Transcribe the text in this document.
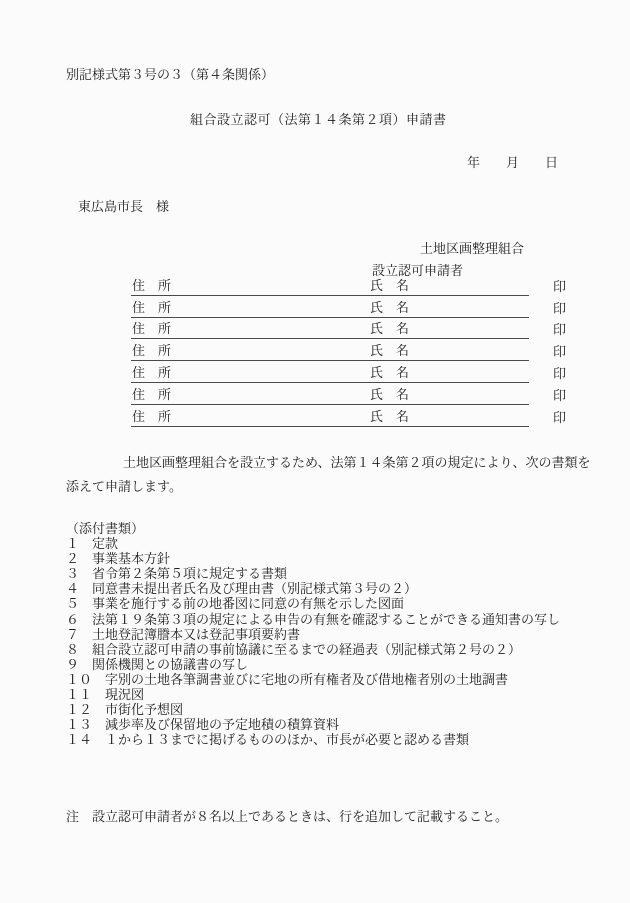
別記様式第３号の３（第４条関係）
組合設立認可（法第１４条第２項）申請書
年　　月　　日
東広島市長　様
土地区画整理組合
設立認可申請者
住　所	氏　名	印
住　所	氏　名	印
住　所	氏　名	印
住　所	氏　名	印
住　所	氏　名	印
住　所	氏　名	印
住　所	氏　名	印
土地区画整理組合を設立するため、法第１４条第２項の規定により、次の書類を
添えて申請します。
（添付書類）
１　定款
２　事業基本方針
３　省令第２条第５項に規定する書類
４　同意書未提出者氏名及び理由書（別記様式第３号の２）
５　事業を施行する前の地番図に同意の有無を示した図面
６　法第１９条第３項の規定による申告の有無を確認することができる通知書の写し
７　土地登記簿謄本又は登記事項要約書
８　組合設立認可申請の事前協議に至るまでの経過表（別記様式第２号の２）
９　関係機関との協議書の写し
１０　字別の土地各筆調書並びに宅地の所有権者及び借地権者別の土地調書
１１　現況図
１２　市街化予想図
１３　減歩率及び保留地の予定地積の積算資料
１４　１から１３までに掲げるもののほか、市長が必要と認める書類
注　設立認可申請者が８名以上であるときは、行を追加して記載すること。
